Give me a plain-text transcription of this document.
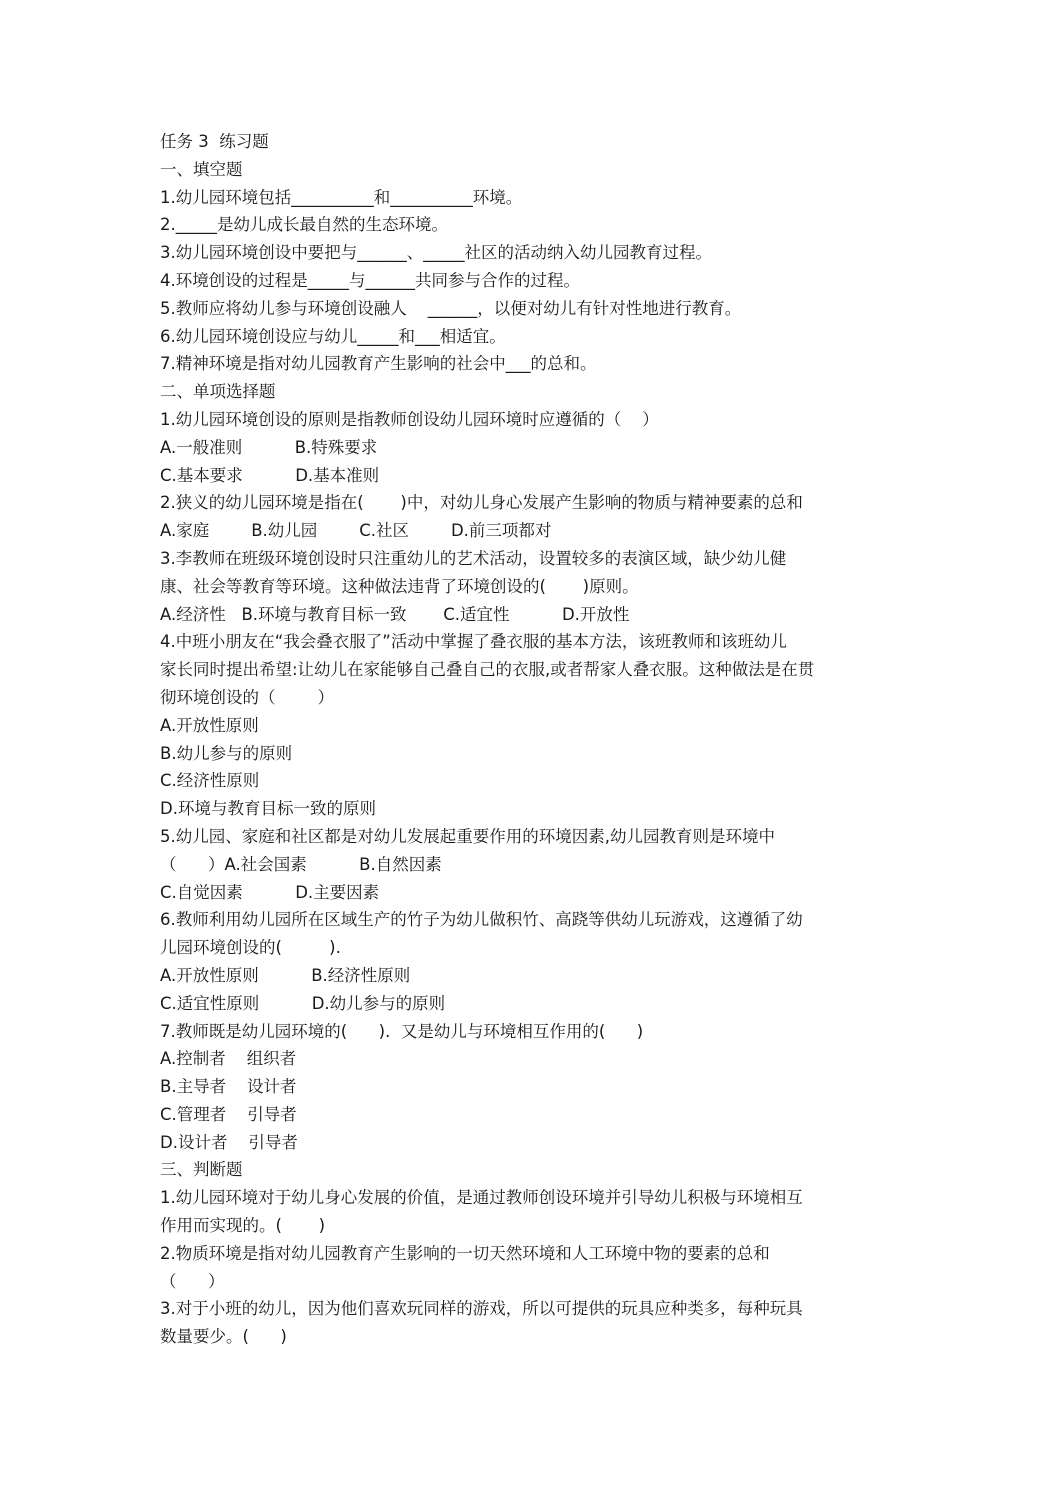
任务 3  练习题
一、填空题
1.幼儿园环境包括__________和__________环境。
2._____是幼儿成长最自然的生态环境。
3.幼儿园环境创设中要把与______、_____社区的活动纳入幼儿园教育过程。
4.环境创设的过程是_____与______共同参与合作的过程。
5.教师应将幼儿参与环境创设融人    ______，以便对幼儿有针对性地进行教育。
6.幼儿园环境创设应与幼儿_____和___相适宜。
7.精神环境是指对幼儿园教育产生影响的社会中___的总和。
二、单项选择题
1.幼儿园环境创设的原则是指教师创设幼儿园环境时应遵循的（    ）
A.一般准则          B.特殊要求
C.基本要求          D.基本准则
2.狭义的幼儿园环境是指在(       )中，对幼儿身心发展产生影响的物质与精神要素的总和
A.家庭        B.幼儿园        C.社区        D.前三项都对
3.李教师在班级环境创设时只注重幼儿的艺术活动，设置较多的表演区域，缺少幼儿健
康、社会等教育等环境。这种做法违背了环境创设的(       )原则。
A.经济性   B.环境与教育目标一致       C.适宜性          D.开放性
4.中班小朋友在“我会叠衣服了”活动中掌握了叠衣服的基本方法，该班教师和该班幼儿
家长同时提出希望:让幼儿在家能够自己叠自己的衣服,或者帮家人叠衣服。这种做法是在贯
彻环境创设的（        ）
A.开放性原则
B.幼儿参与的原则
C.经济性原则
D.环境与教育目标一致的原则
5.幼儿园、家庭和社区都是对幼儿发展起重要作用的环境因素,幼儿园教育则是环境中
（      ）A.社会国素          B.自然因素
C.自觉因素          D.主要因素
6.教师利用幼儿园所在区域生产的竹子为幼儿做积竹、高跷等供幼儿玩游戏，这遵循了幼
儿园环境创设的(         ).
A.开放性原则          B.经济性原则
C.适宜性原则          D.幼儿参与的原则
7.教师既是幼儿园环境的(      ).  又是幼儿与环境相互作用的(      )
A.控制者    组织者
B.主导者    设计者
C.管理者    引导者
D.设计者    引导者
三、判断题
1.幼儿园环境对于幼儿身心发展的价值，是通过教师创设环境并引导幼儿积极与环境相互
作用而实现的。(       )
2.物质环境是指对幼儿园教育产生影响的一切天然环境和人工环境中物的要素的总和
（      ）
3.对于小班的幼儿，因为他们喜欢玩同样的游戏，所以可提供的玩具应种类多，每种玩具
数量要少。(      )
